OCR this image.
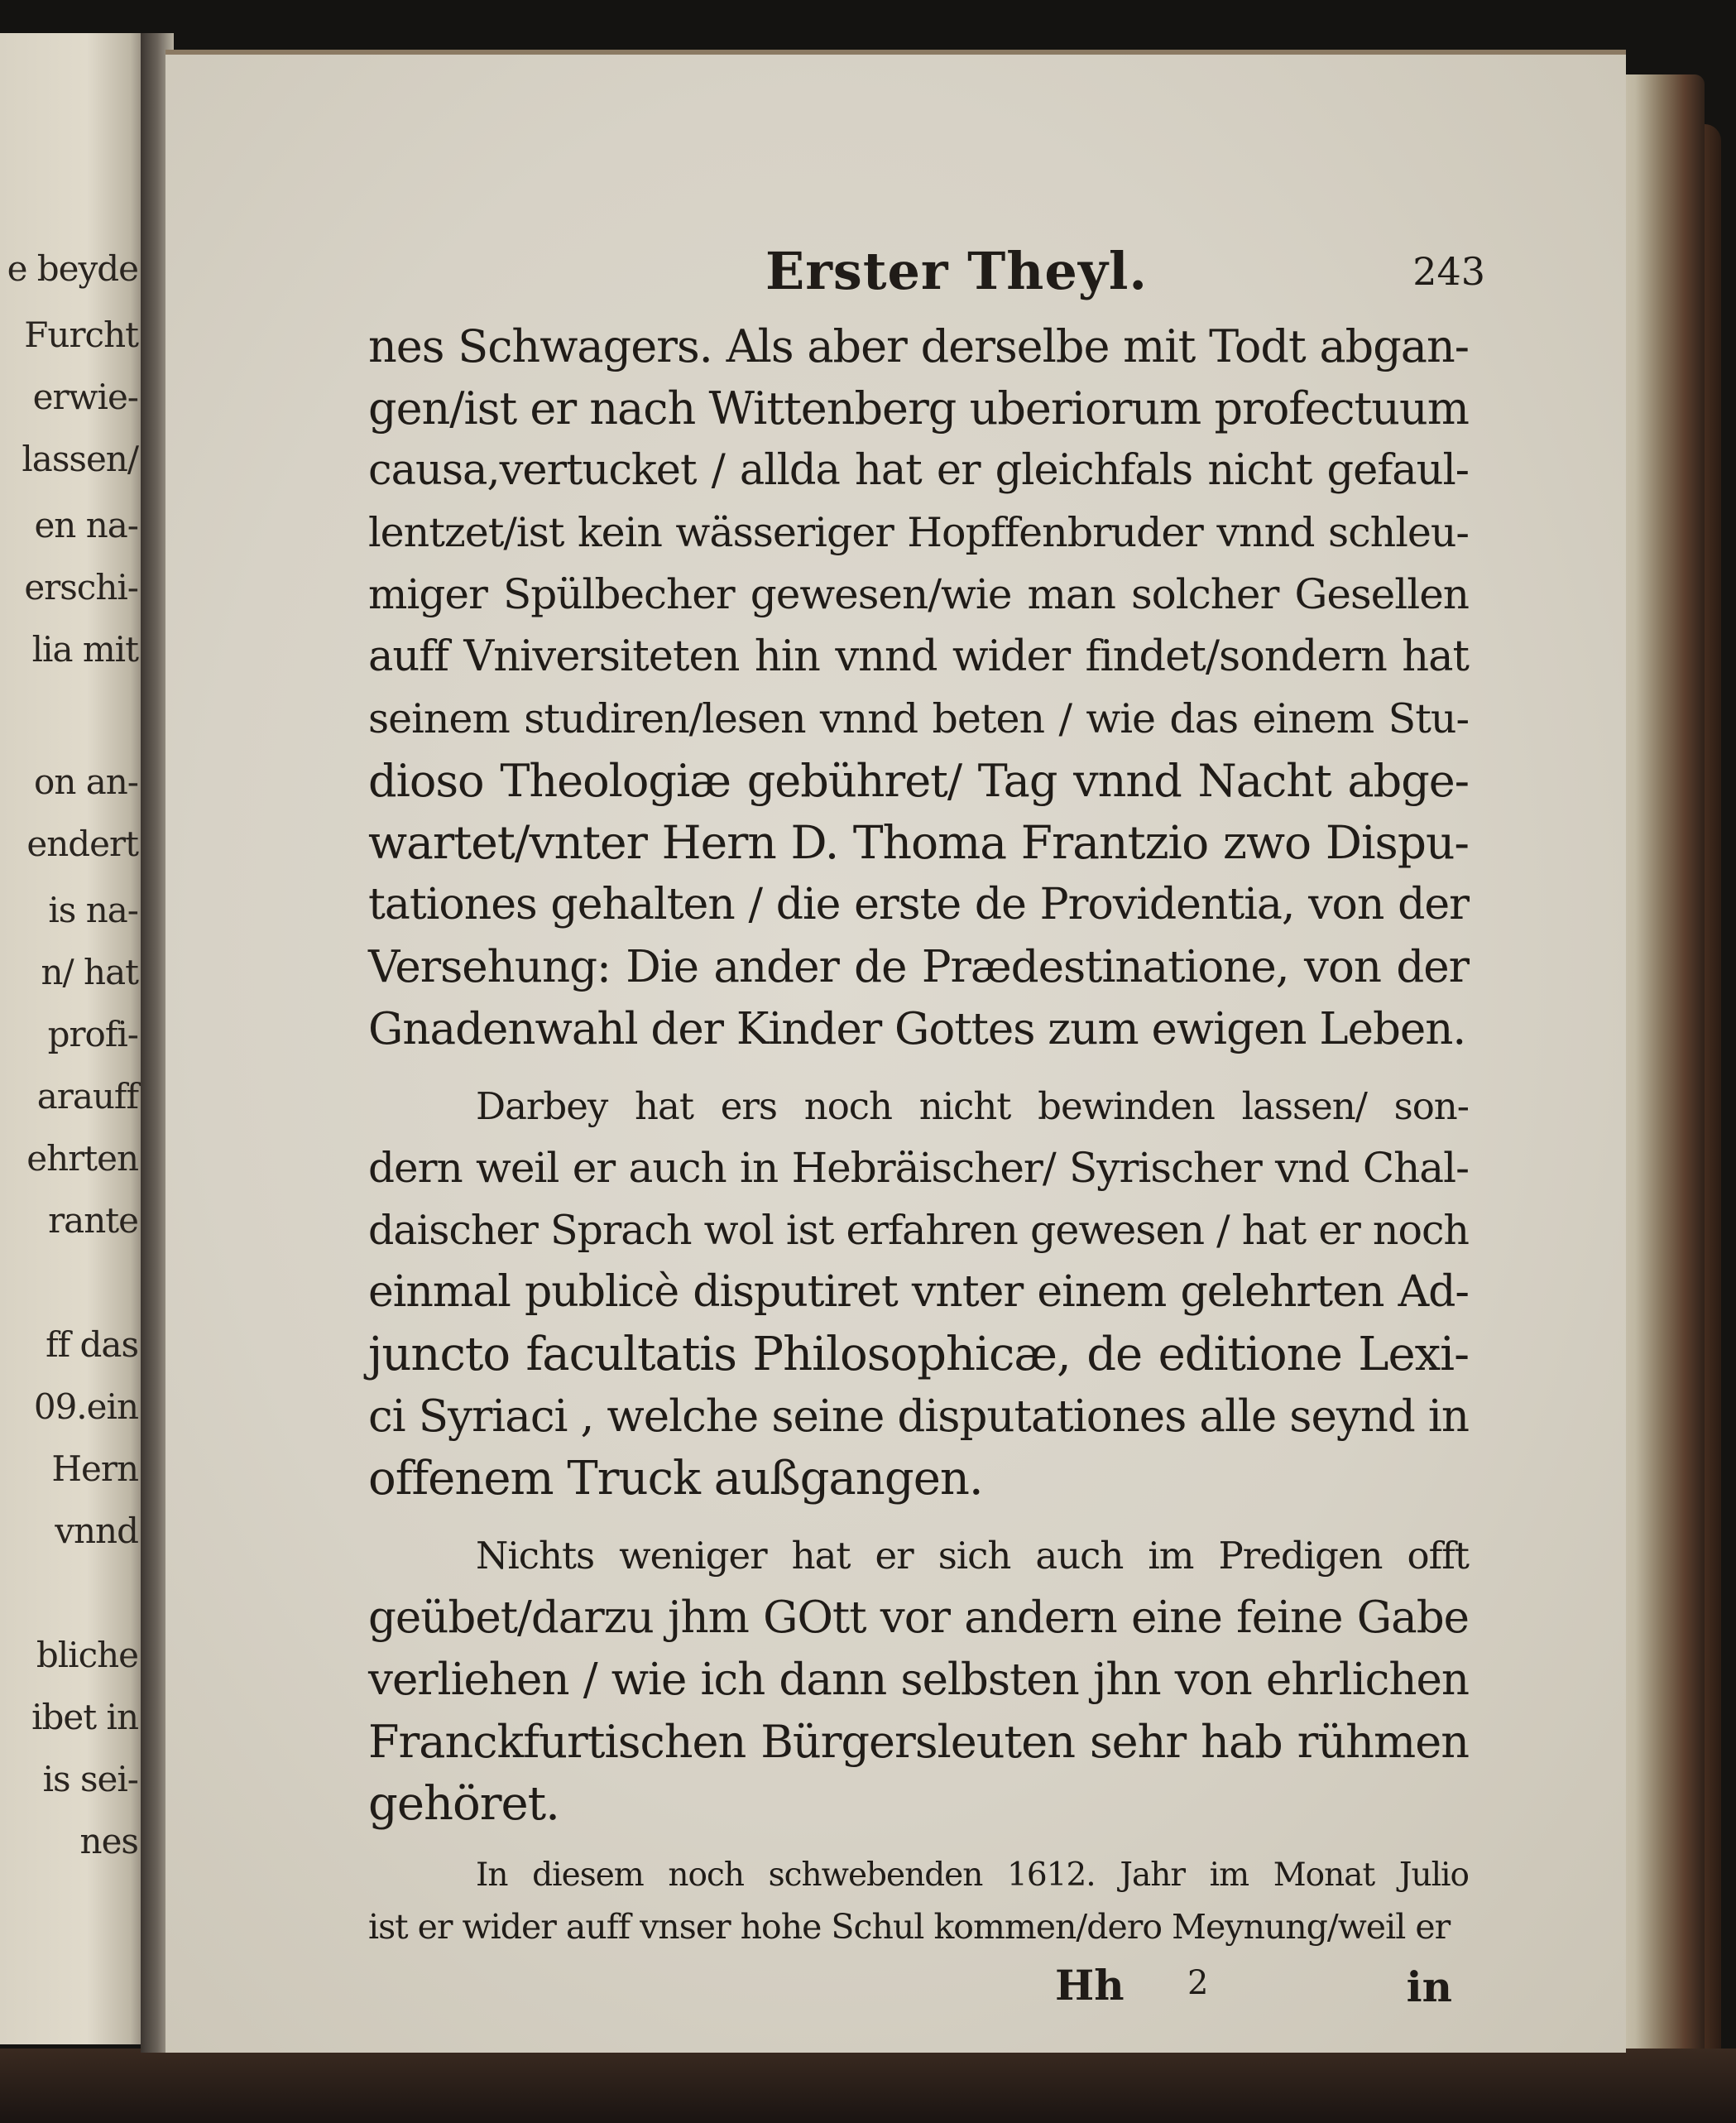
e beyde
Furcht
erwie-
lassen/
en na-
erschi-
lia mit
on an-
endert
is na-
n/ hat
profi-
arauff
ehrten
rante
ff das
09.ein
Hern
vnnd
bliche
ibet in
is sei-
nes
Erster Theyl.	243
nes Schwagers. Als aber derselbe mit Todt abgan-
gen/ist er nach Wittenberg uberiorum profectuum
causa,vertucket / allda hat er gleichfals nicht gefaul-
lentzet/ist kein wässeriger Hopffenbruder vnnd schleu-
miger Spülbecher gewesen/wie man solcher Gesellen
auff Vniversiteten hin vnnd wider findet/sondern hat
seinem studiren/lesen vnnd beten / wie das einem Stu-
dioso Theologiæ gebühret/ Tag vnnd Nacht abge-
wartet/vnter Hern D. Thoma Frantzio zwo Dispu-
tationes gehalten / die erste de Providentia, von der
Versehung: Die ander de Prædestinatione, von der
Gnadenwahl der Kinder Gottes zum ewigen Leben.
Darbey hat ers noch nicht bewinden lassen/ son-
dern weil er auch in Hebräischer/ Syrischer vnd Chal-
daischer Sprach wol ist erfahren gewesen / hat er noch
einmal publicè disputiret vnter einem gelehrten Ad-
juncto facultatis Philosophicæ, de editione Lexi-
ci Syriaci , welche seine disputationes alle seynd in
offenem Truck außgangen.
Nichts weniger hat er sich auch im Predigen offt
geübet/darzu jhm GOtt vor andern eine feine Gabe
verliehen / wie ich dann selbsten jhn von ehrlichen
Franckfurtischen Bürgersleuten sehr hab rühmen
gehöret.
In diesem noch schwebenden 1612. Jahr im Monat Julio
ist er wider auff vnser hohe Schul kommen/dero Meynung/weil er
Hh 2	in
